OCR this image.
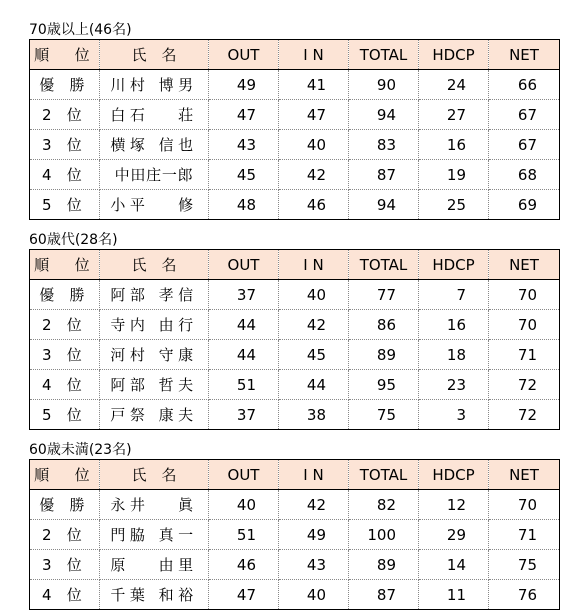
70歳以上(46名)
順　位	氏　名	OUT	I N	TOTAL	HDCP	NET
優 勝	川村 博男	49	41	90	24	66
2 位	白石　 荘	47	47	94	27	67
3 位	横塚 信也	43	40	83	16	67
4 位	中田庄一郎	45	42	87	19	68
5 位	小平　 修	48	46	94	25	69
60歳代(28名)
順　位	氏　名	OUT	I N	TOTAL	HDCP	NET
優 勝	阿部 孝信	37	40	77	7	70
2 位	寺内 由行	44	42	86	16	70
3 位	河村 守康	44	45	89	18	71
4 位	阿部 哲夫	51	44	95	23	72
5 位	戸祭 康夫	37	38	75	3	72
60歳未満(23名)
順　位	氏　名	OUT	I N	TOTAL	HDCP	NET
優 勝	永井　 眞	40	42	82	12	70
2 位	門脇 真一	51	49	100	29	71
3 位	原　 由里	46	43	89	14	75
4 位	千葉 和裕	47	40	87	11	76
